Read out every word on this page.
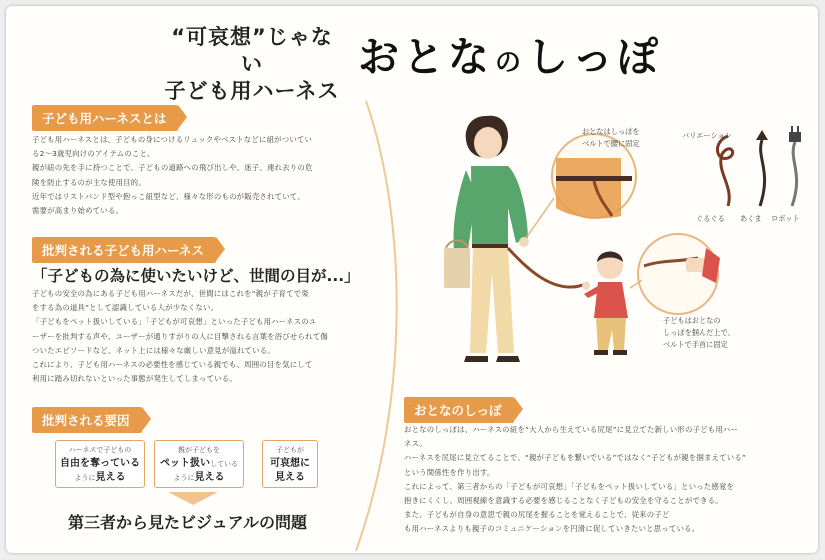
“可哀想”じゃない
子ども用ハーネス
おとなのしっぽ
子ども用ハーネスとは
子ども用ハーネスとは、子どもの身につけるリュックやベストなどに紐がついてい
る2〜3歳児向けのアイテムのこと。
親が紐の先を手に持つことで、子どもの道路への飛び出しや、迷子、連れ去りの危
険を防止するのが主な使用目的。
近年ではリストバンド型や抱っこ紐型など、様々な形のものが販売されていて、
需要が高まり始めている。
批判される子ども用ハーネス
「子どもの為に使いたいけど、世間の目が...」
子どもの安全の為にある子ども用ハーネスだが、世間にはこれを“親が子育てで楽
をする為の道具”として認識している人が少なくない。
「子どもをペット扱いしている」「子どもが可哀想」といった子ども用ハーネスのユ
ーザーを批判する声や、ユーザーが通りすがりの人に目撃される言葉を浴びせられて傷
ついたエピソードなど、ネット上には様々な厳しい意見が溢れている。
これにより、子ども用ハーネスの必要性を感じている親でも、周囲の目を気にして
利用に踏み切れないといった事態が発生してしまっている。
批判される要因
ハーネスで子どもの
自由を奪っている
ように見える
親が子どもを
ペット扱いしている
ように見える
子どもが
可哀想に
見える
第三者から見たビジュアルの問題
おとなはしっぽを
ベルトで腰に固定
バリエーション
ぐるぐる あくま ロボット
子どもはおとなの
しっぽを掴んだ上で、
ベルトで手首に固定
おとなのしっぽ
おとなのしっぽは、ハーネスの紐を“大人から生えている尻尾”に見立てた新しい形の子ども用ハー
ネス。
ハーネスを尻尾に見立てることで、“親が子どもを繋いでいる”ではなく“子どもが親を掴まえている”
という関係性を作り出す。
これによって、第三者からの「子どもが可哀想」「子どもをペット扱いしている」といった感覚を
抱きにくくし、周囲視線を意識する必要を感じることなく子どもの安全を守ることができる。
また、子どもが自身の意思で親の尻尾を握ることを覚えることで、従来の子ど
も用ハーネスよりも親子のコミュニケーションを円滑に促していきたいと思っている。
